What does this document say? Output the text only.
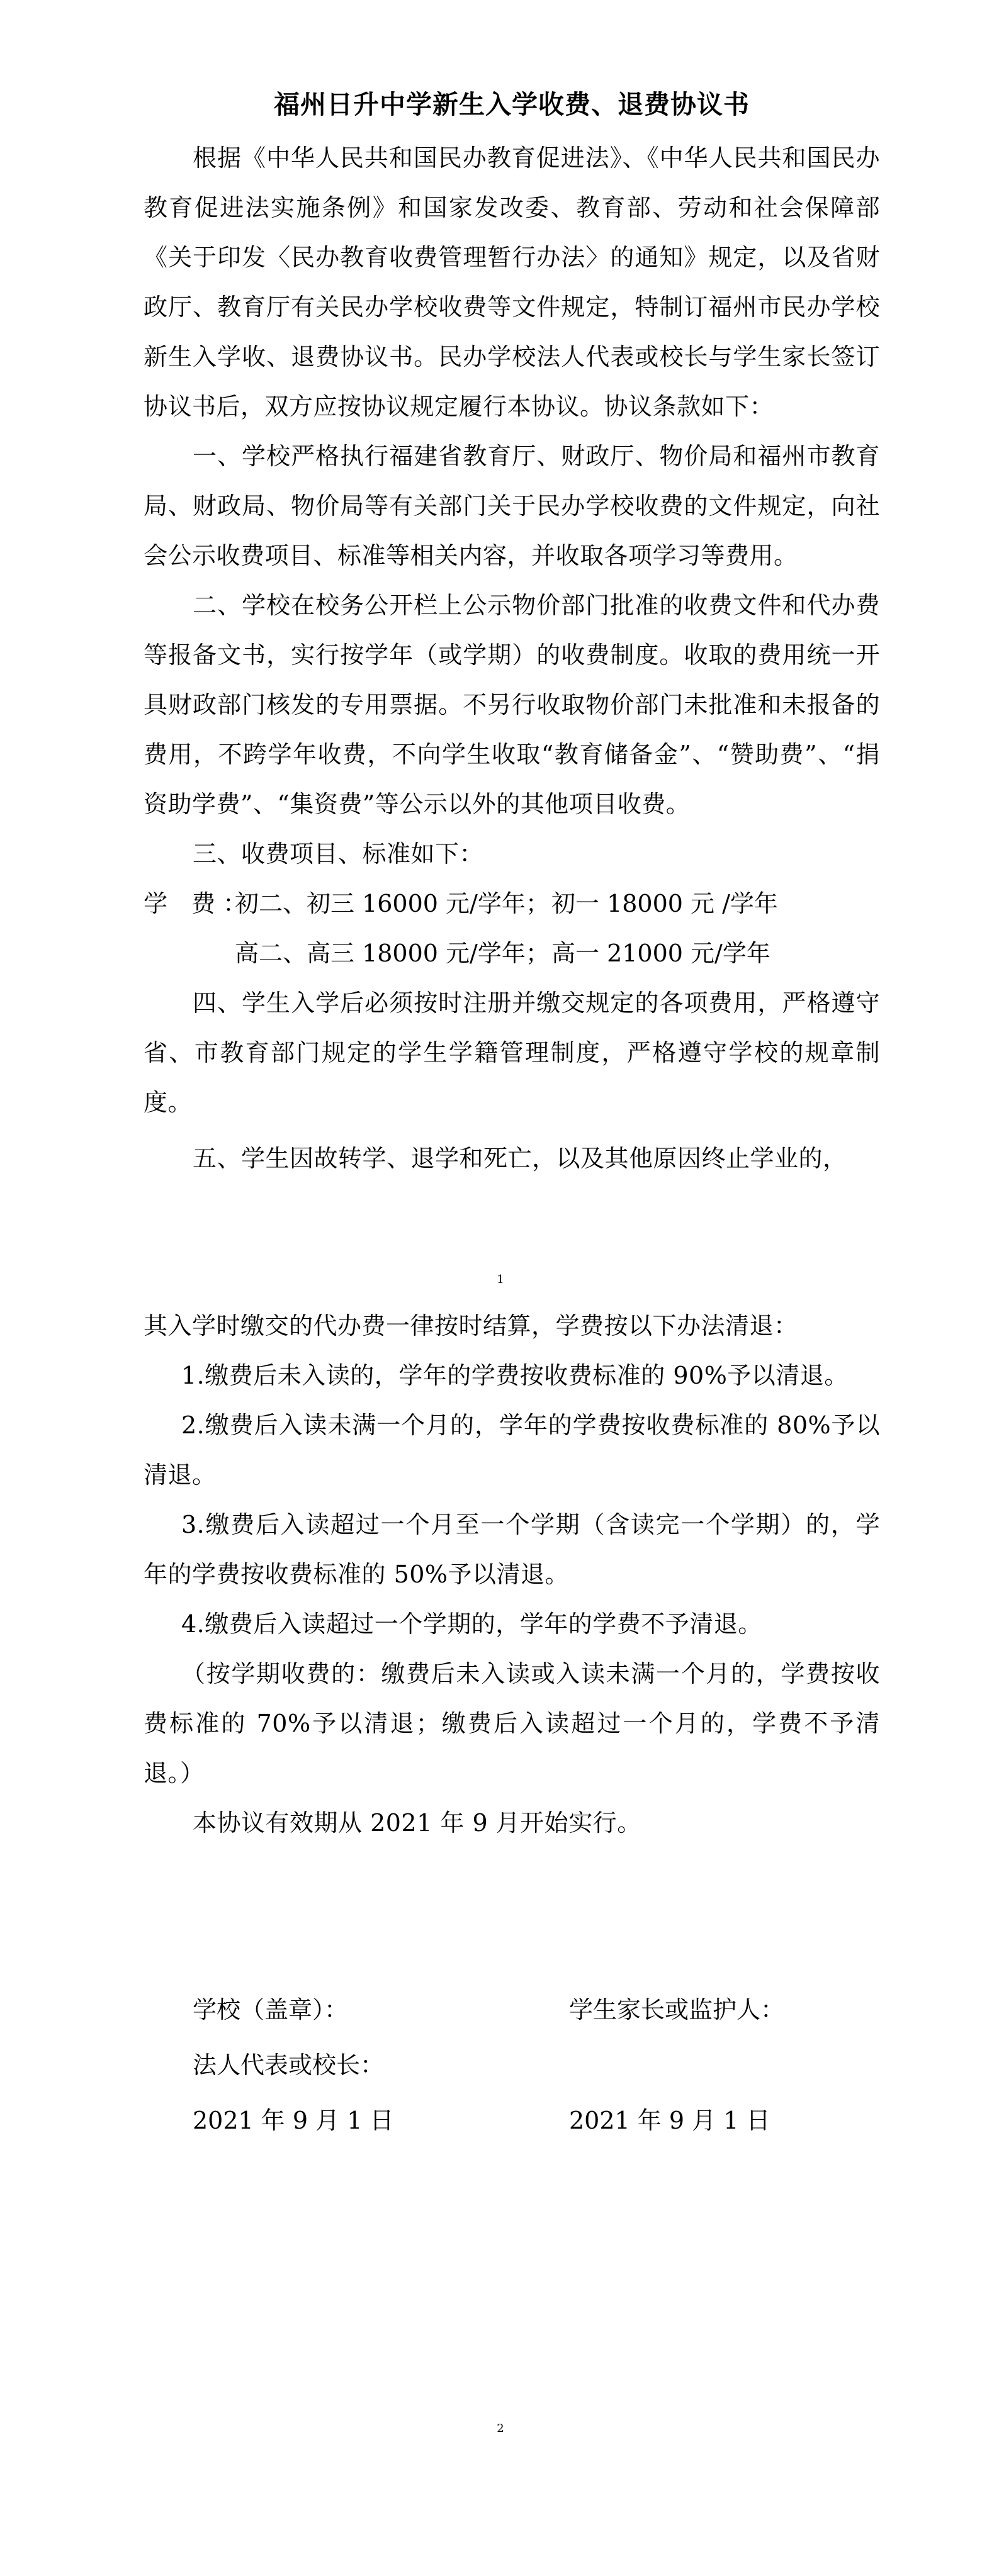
福州日升中学新生入学收费、退费协议书

根据《中华人民共和国民办教育促进法》、《中华人民共和国民办教育促进法实施条例》和国家发改委、教育部、劳动和社会保障部《关于印发〈民办教育收费管理暂行办法〉的通知》规定，以及省财政厅、教育厅有关民办学校收费等文件规定，特制订福州市民办学校新生入学收、退费协议书。民办学校法人代表或校长与学生家长签订协议书后，双方应按协议规定履行本协议。协议条款如下：

一、学校严格执行福建省教育厅、财政厅、物价局和福州市教育局、财政局、物价局等有关部门关于民办学校收费的文件规定，向社会公示收费项目、标准等相关内容，并收取各项学习等费用。

二、学校在校务公开栏上公示物价部门批准的收费文件和代办费等报备文书，实行按学年（或学期）的收费制度。收取的费用统一开具财政部门核发的专用票据。不另行收取物价部门未批准和未报备的费用，不跨学年收费，不向学生收取“教育储备金”、“赞助费”、“捐资助学费”、“集资费”等公示以外的其他项目收费。

三、收费项目、标准如下：

学　费 ：
初二、初三 16000 元/学年； 初一 18000 元 /学年
高二、高三 18000 元/学年； 高一 21000 元/学年

四、学生入学后必须按时注册并缴交规定的各项费用，严格遵守省、市教育部门规定的学生学籍管理制度，严格遵守学校的规章制度。

五、学生因故转学、退学和死亡，以及其他原因终止学业的，

1

其入学时缴交的代办费一律按时结算，学费按以下办法清退：

1.缴费后未入读的，学年的学费按收费标准的 90%予以清退。

2.缴费后入读未满一个月的，学年的学费按收费标准的 80%予以清退。

3.缴费后入读超过一个月至一个学期（含读完一个学期）的，学年的学费按收费标准的 50%予以清退。

4.缴费后入读超过一个学期的，学年的学费不予清退。

（按学期收费的：缴费后未入读或入读未满一个月的，学费按收费标准的 70%予以清退；缴费后入读超过一个月的，学费不予清退。）

本协议有效期从 2021 年 9 月开始实行。

学校（盖章）：	学生家长或监护人：
法人代表或校长：
2021 年 9 月 1 日	2021 年 9 月 1 日
2
